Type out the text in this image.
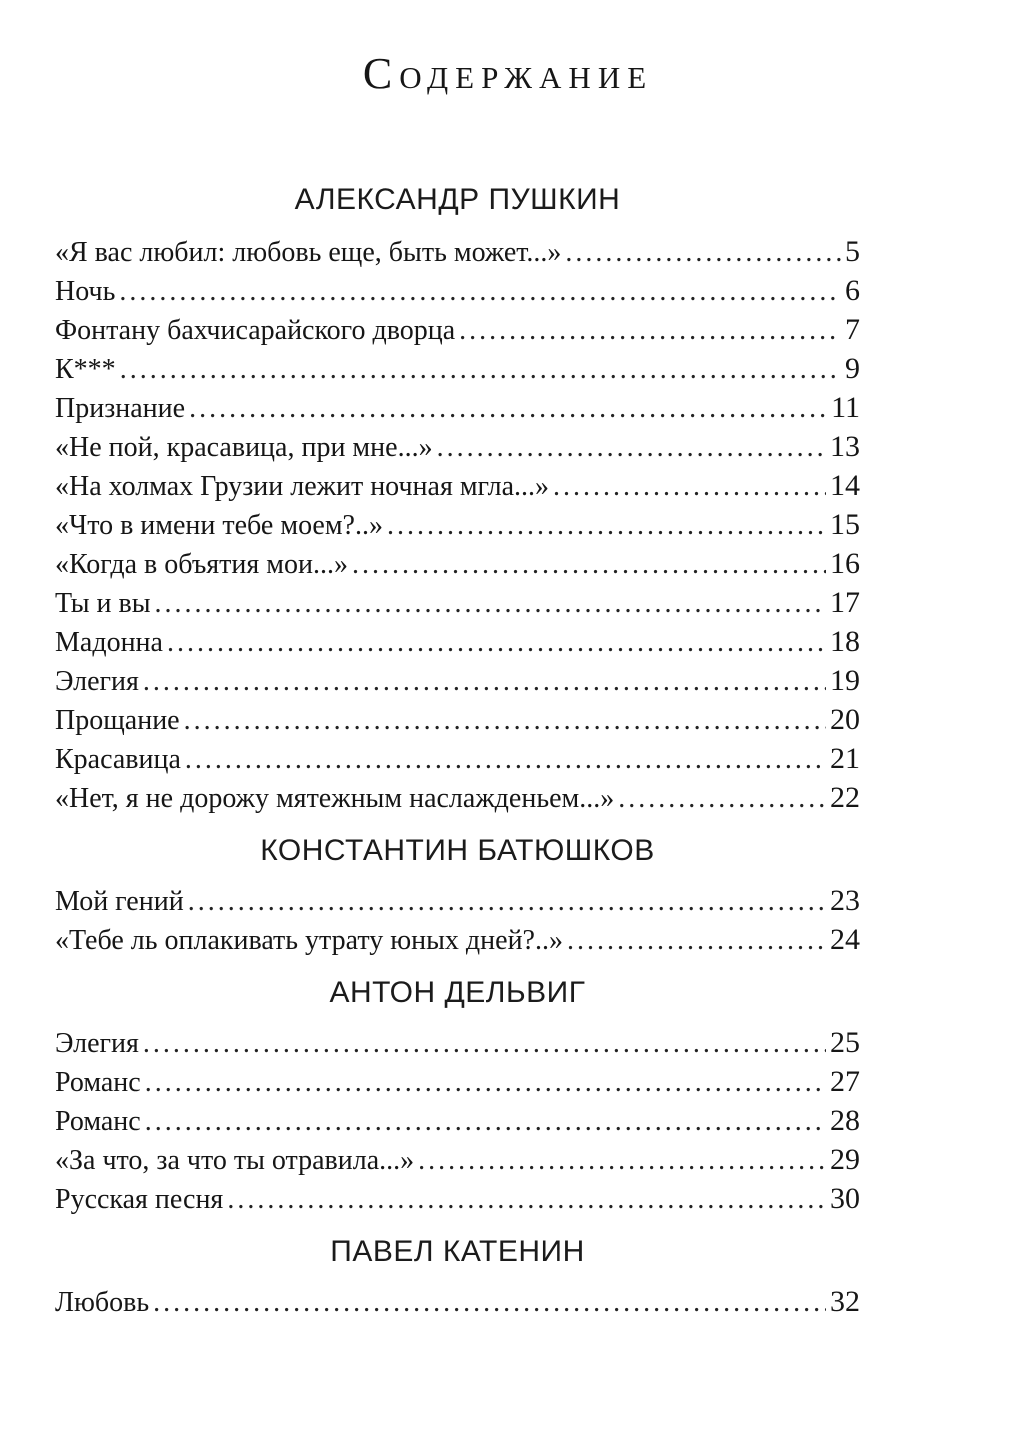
Содержание
АЛЕКСАНДР ПУШКИН
«Я вас любил: любовь еще, быть может...» . . .	5
Ночь . . .	6
Фонтану бахчисарайского дворца . . .	7
К*** . . .	9
Признание . . .	11
«Не пой, красавица, при мне...» . . .	13
«На холмах Грузии лежит ночная мгла...» . . .	14
«Что в имени тебе моем?..» . . .	15
«Когда в объятия мои...» . . .	16
Ты и вы . . .	17
Мадонна . . .	18
Элегия . . .	19
Прощание . . .	20
Красавица . . .	21
«Нет, я не дорожу мятежным наслажденьем...» . . .	22
КОНСТАНТИН БАТЮШКОВ
Мой гений . . .	23
«Тебе ль оплакивать утрату юных дней?..» . . .	24
АНТОН ДЕЛЬВИГ
Элегия . . .	25
Романс . . .	27
Романс . . .	28
«За что, за что ты отравила...» . . .	29
Русская песня . . .	30
ПАВЕЛ КАТЕНИН
Любовь . . .	32
